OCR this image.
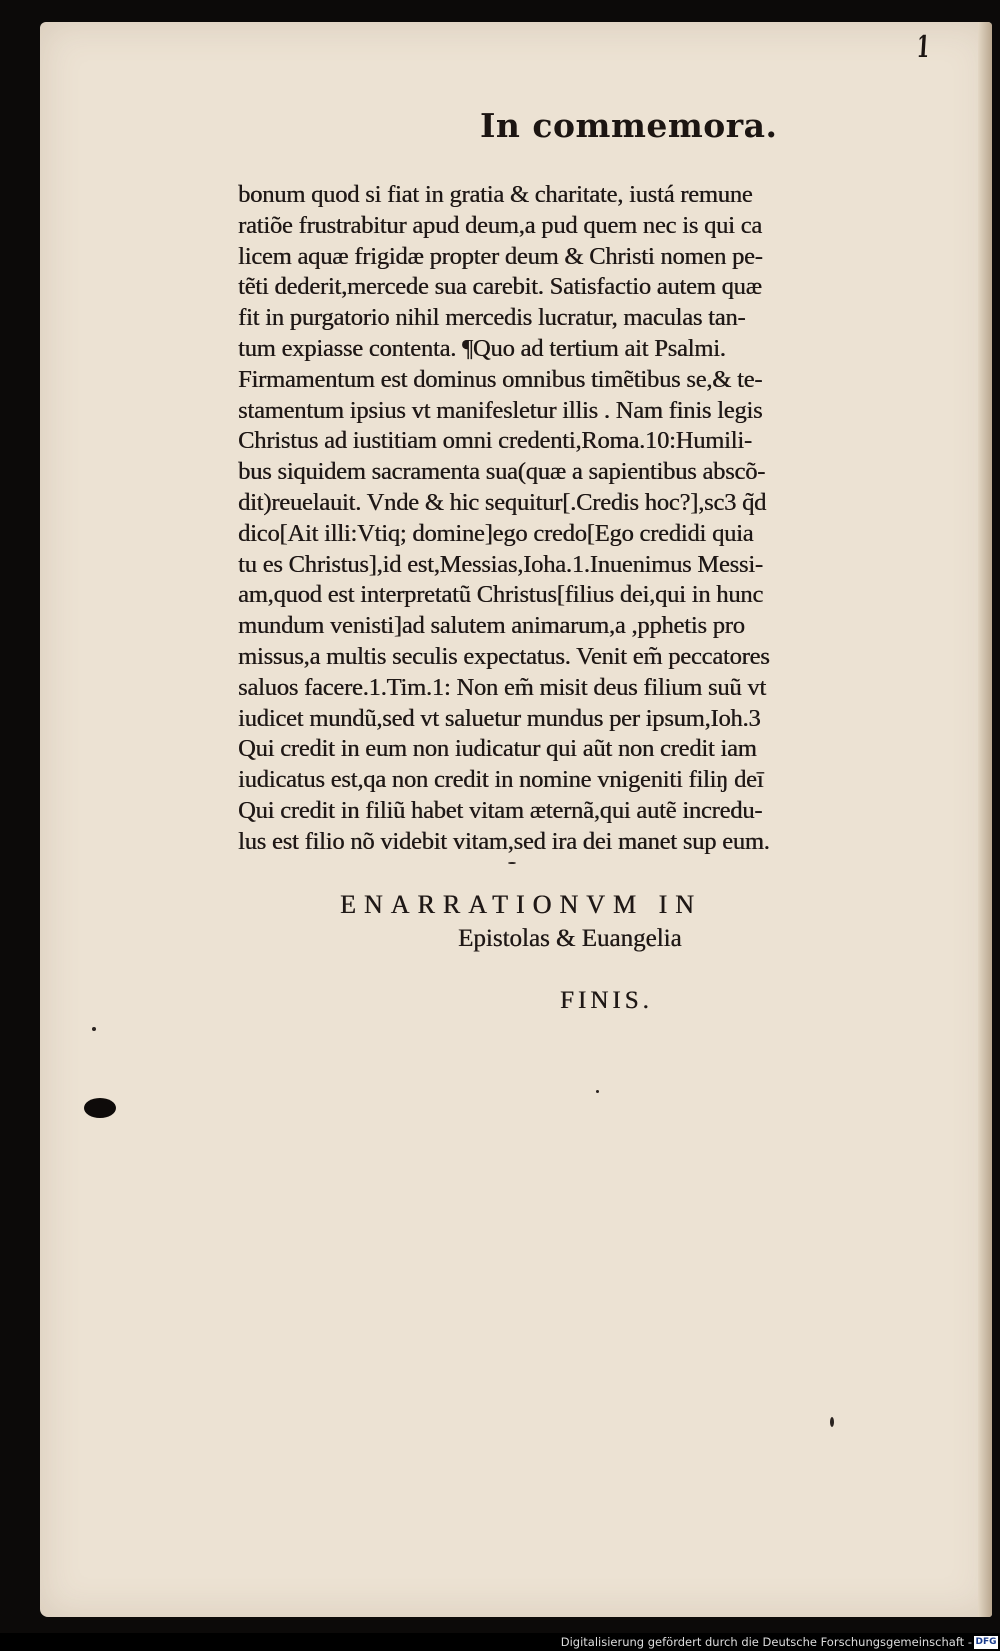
1
In commemora.
bonum quod si fiat in gratia & charitate, iustá remune
ratiõe frustrabitur apud deum,a pud quem nec is qui ca
licem aquæ frigidæ propter deum & Christi nomen pe-
tẽti dederit,mercede sua carebit. Satisfactio autem quæ
fit in purgatorio nihil mercedis lucratur, maculas tan-
tum expiasse contenta. ¶Quo ad tertium ait Psalmi.
Firmamentum est dominus omnibus timẽtibus se,& te-
stamentum ipsius vt manifesletur illis . Nam finis legis
Christus ad iustitiam omni credenti,Roma.10:Humili-
bus siquidem sacramenta sua(quæ a sapientibus abscõ-
dit)reuelauit. Vnde & hic sequitur[.Credis hoc?],sc3 q̃d
dico[Ait illi:Vtiq; domine]ego credo[Ego credidi quia
tu es Christus],id est,Messias,Ioha.1.Inuenimus Messi-
am,quod est interpretatũ Christus[filius dei,qui in hunc
mundum venisti]ad salutem animarum,a ,pphetis pro
missus,a multis seculis expectatus. Venit em̃ peccatores
saluos facere.1.Tim.1: Non em̃ misit deus filium suũ vt
iudicet mundũ,sed vt saluetur mundus per ipsum,Ioh.3
Qui credit in eum non iudicatur qui aũt non credit iam
iudicatus est,qa non credit in nomine vnigeniti filiŋ deī
Qui credit in filiũ habet vitam æternã,qui autẽ incredu-
lus est filio nõ videbit vitam,sed ira dei manet sup eum.
ENARRATIONVM IN
Epistolas & Euangelia
FINIS.
Digitalisierung gefördert durch die Deutsche Forschungsgemeinschaft - DFG
